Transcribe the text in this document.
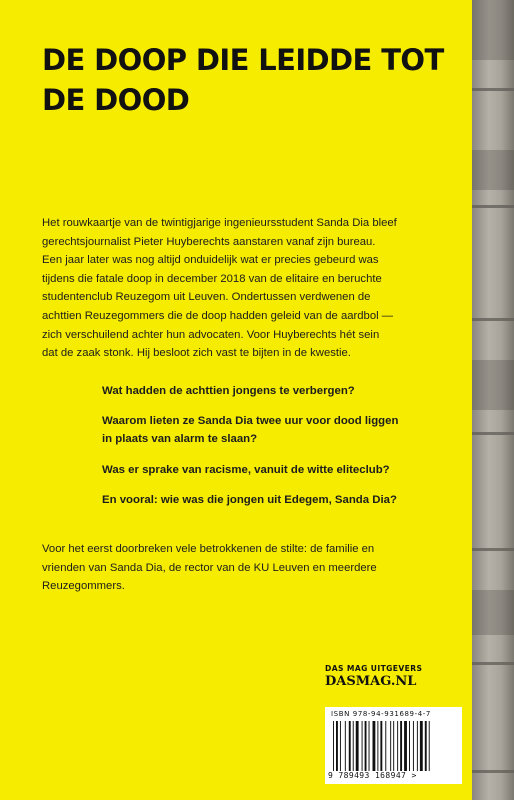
DE DOOP DIE LEIDDE TOT
DE DOOD

Het rouwkaartje van de twintigjarige ingenieursstudent Sanda Dia bleef
gerechtsjournalist Pieter Huyberechts aanstaren vanaf zijn bureau.
Een jaar later was nog altijd onduidelijk wat er precies gebeurd was
tijdens die fatale doop in december 2018 van de elitaire en beruchte
studentenclub Reuzegom uit Leuven. Ondertussen verdwenen de
achttien Reuzegommers die de doop hadden geleid van de aardbol —
zich verschuilend achter hun advocaten. Voor Huyberechts hét sein
dat de zaak stonk. Hij besloot zich vast te bijten in de kwestie.

Wat hadden de achttien jongens te verbergen?
Waarom lieten ze Sanda Dia twee uur voor dood liggen
in plaats van alarm te slaan?
Was er sprake van racisme, vanuit de witte eliteclub?
En vooral: wie was die jongen uit Edegem, Sanda Dia?

Voor het eerst doorbreken vele betrokkenen de stilte: de familie en
vrienden van Sanda Dia, de rector van de KU Leuven en meerdere
Reuzegommers.

DAS MAG UITGEVERS
DASMAG.NL
ISBN 978-94-931689-4-7
9 789493 168947 >
